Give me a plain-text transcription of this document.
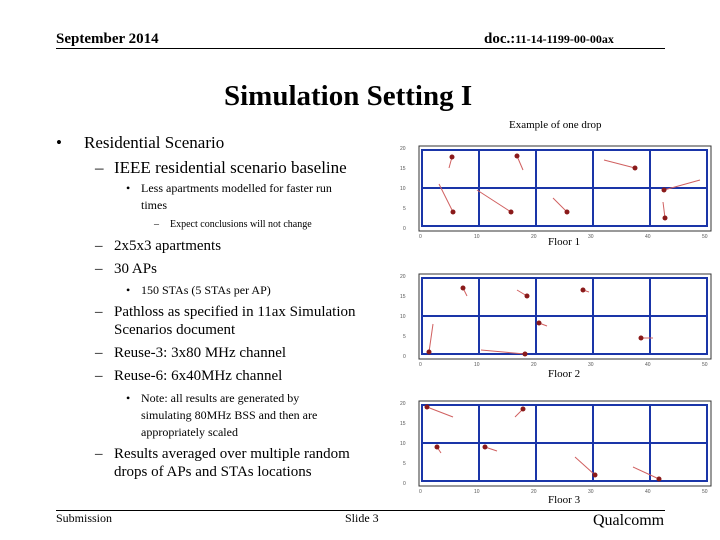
September 2014	doc.:11-14-1199-00-00ax
Simulation Setting I
• Residential Scenario
– IEEE residential scenario baseline
• Less apartments modelled for faster run
times
– Expect conclusions will not change
– 2x5x3 apartments
– 30 APs
• 150 STAs (5 STAs per AP)
– Pathloss as specified in 11ax Simulation
Scenarios document
– Reuse-3: 3x80 MHz channel
– Reuse-6: 6x40MHz channel
• Note: all results are generated by
simulating 80MHz BSS and then are
appropriately scaled
– Results averaged over multiple random
drops of APs and STAs locations
Example of one drop
20
15
10
5
0
0	10	20	30	40	50
Floor 1
20
15
10
5
0
0	10	20	30	40	50
Floor 2
20
15
10
5
0
0	10	20	30	40	50
Floor 3
Submission	Slide 3	Qualcomm
